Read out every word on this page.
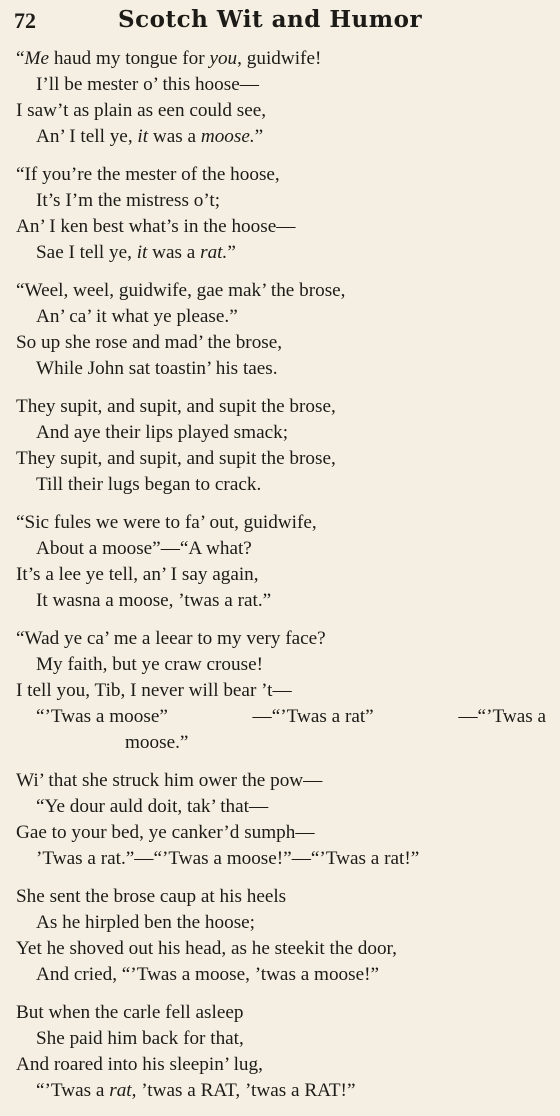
72	Scotch Wit and Humor
“Me haud my tongue for you, guidwife!
I’ll be mester o’ this hoose—
I saw’t as plain as een could see,
An’ I tell ye, it was a moose.”
“If you’re the mester of the hoose,
It’s I’m the mistress o’t;
An’ I ken best what’s in the hoose—
Sae I tell ye, it was a rat.”
“Weel, weel, guidwife, gae mak’ the brose,
An’ ca’ it what ye please.”
So up she rose and mad’ the brose,
While John sat toastin’ his taes.
They supit, and supit, and supit the brose,
And aye their lips played smack;
They supit, and supit, and supit the brose,
Till their lugs began to crack.
“Sic fules we were to fa’ out, guidwife,
About a moose”—“A what?
It’s a lee ye tell, an’ I say again,
It wasna a moose, ’twas a rat.”
“Wad ye ca’ me a leear to my very face?
My faith, but ye craw crouse!
I tell you, Tib, I never will bear ’t—
“’Twas a moose”	—“’Twas a rat”	—“’Twas a
moose.”
Wi’ that she struck him ower the pow—
“Ye dour auld doit, tak’ that—
Gae to your bed, ye canker’d sumph—
’Twas a rat.”—“’Twas a moose!”—“’Twas a rat!”
She sent the brose caup at his heels
As he hirpled ben the hoose;
Yet he shoved out his head, as he steekit the door,
And cried, “’Twas a moose, ’twas a moose!”
But when the carle fell asleep
She paid him back for that,
And roared into his sleepin’ lug,
“’Twas a rat, ’twas a RAT, ’twas a RAT!”
